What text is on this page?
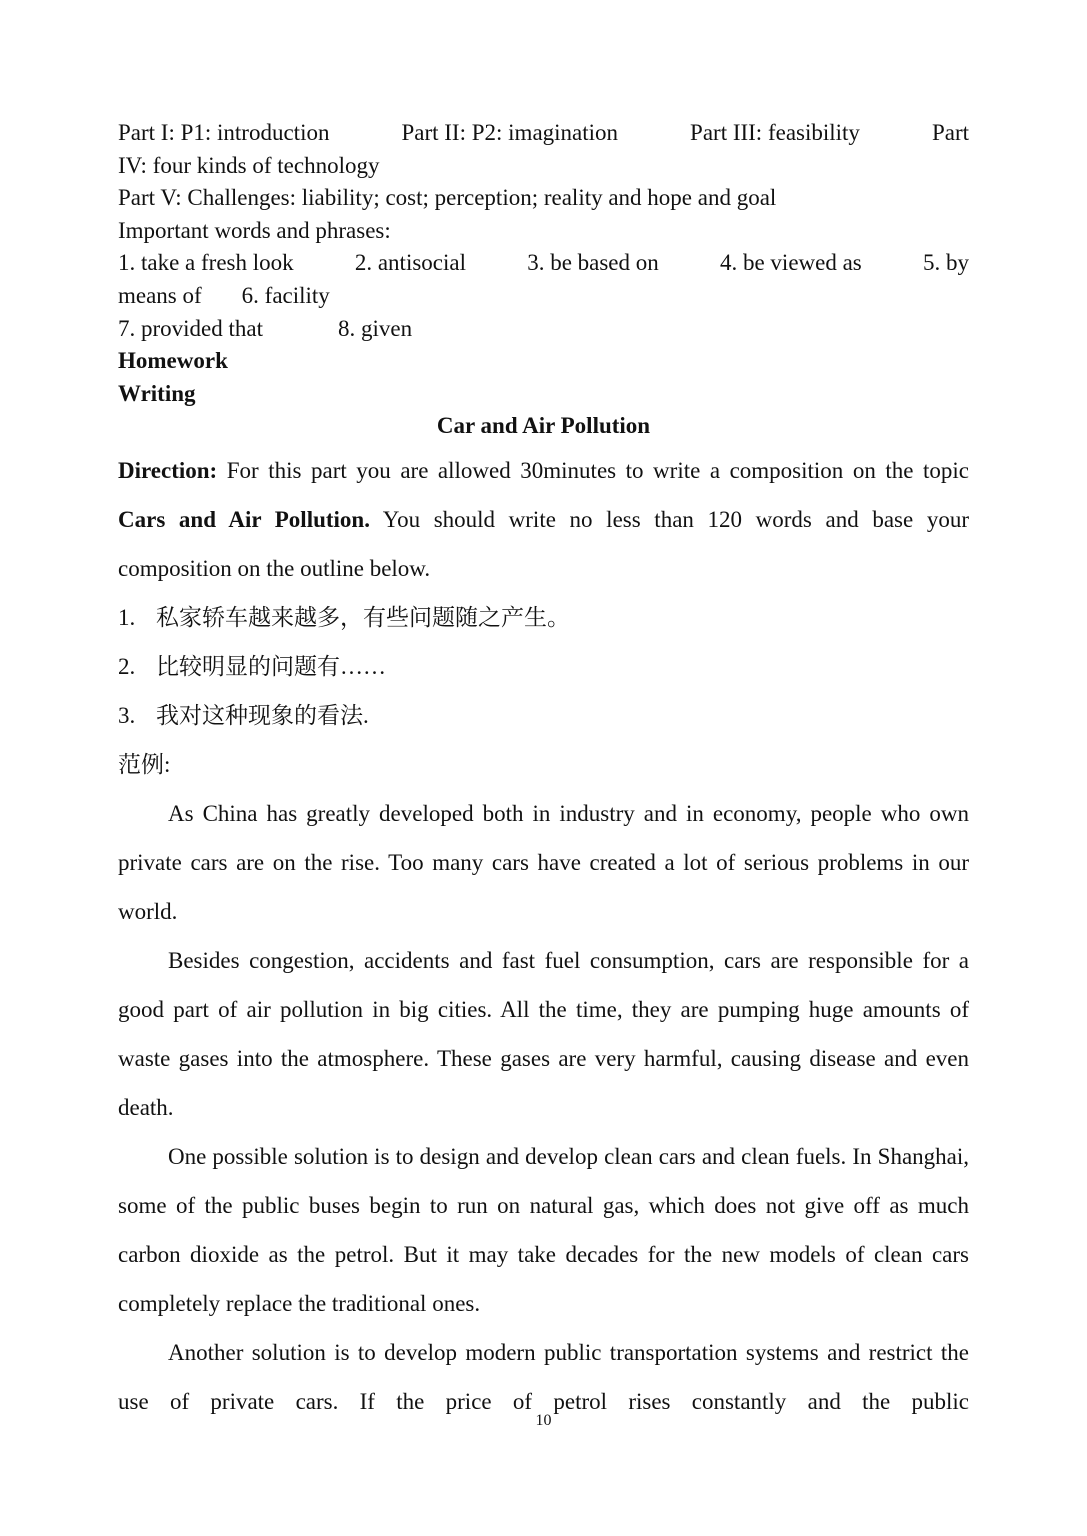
Part I: P1: introduction	Part II: P2: imagination	Part III: feasibility	Part

IV: four kinds of technology

Part V: Challenges: liability; cost; perception; reality and hope and goal

Important words and phrases:

1. take a fresh look	2. antisocial	3. be based on	4. be viewed as	5. by
means of 6. facility
7. provided that	8. given

Homework

Writing

Car and Air Pollution

Direction: For this part you are allowed 30minutes to write a composition on the topic Cars and Air Pollution. You should write no less than 120 words and base your composition on the outline below.

1. 私家轿车越来越多，有些问题随之产生。

2. 比较明显的问题有……

3. 我对这种现象的看法.

范例:

As China has greatly developed both in industry and in economy, people who own private cars are on the rise. Too many cars have created a lot of serious problems in our world.

Besides congestion, accidents and fast fuel consumption, cars are responsible for a good part of air pollution in big cities. All the time, they are pumping huge amounts of waste gases into the atmosphere. These gases are very harmful, causing disease and even death.

One possible solution is to design and develop clean cars and clean fuels. In Shanghai, some of the public buses begin to run on natural gas, which does not give off as much carbon dioxide as the petrol. But it may take decades for the new models of clean cars completely replace the traditional ones.

Another solution is to develop modern public transportation systems and restrict the use of private cars. If the price of petrol rises constantly and the public

10
